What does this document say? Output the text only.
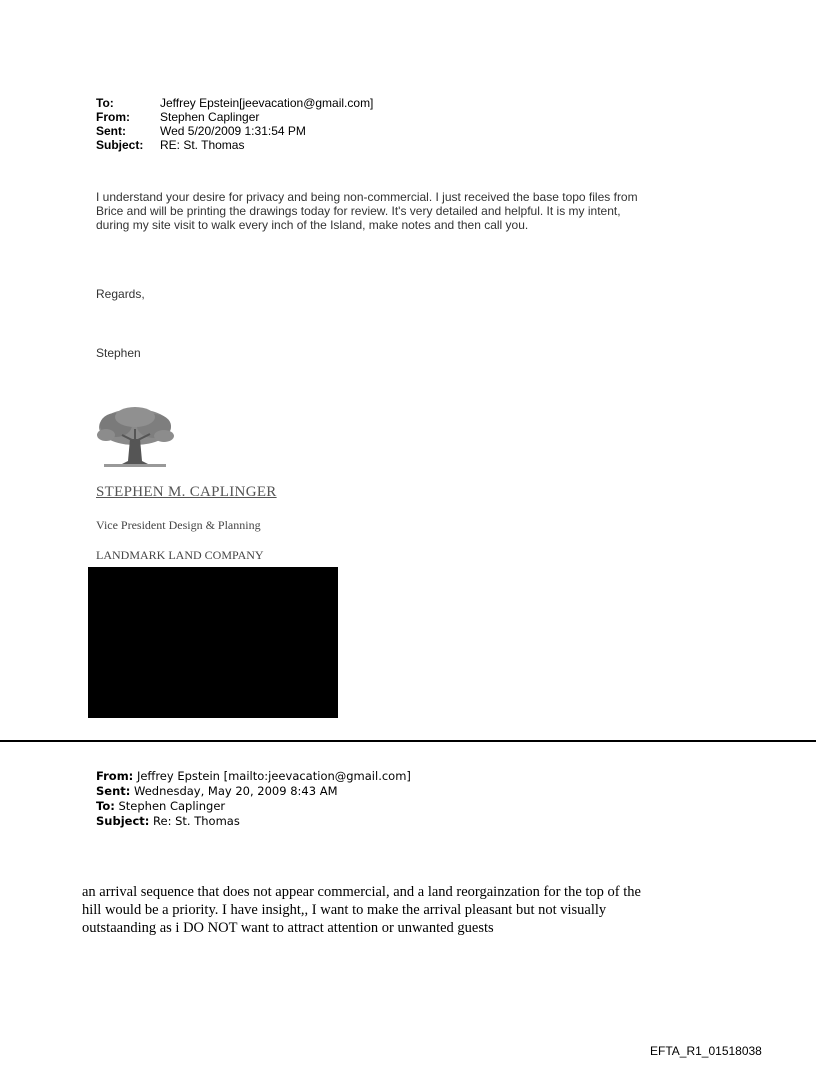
To:	Jeffrey Epstein[jeevacation@gmail.com]
From:	Stephen Caplinger
Sent:	Wed 5/20/2009 1:31:54 PM
Subject:	RE: St. Thomas

I understand your desire for privacy and being non-commercial. I just received the base topo files from

Brice and will be printing the drawings today for review. It's very detailed and helpful. It is my intent,

during my site visit to walk every inch of the Island, make notes and then call you.

Regards,
Stephen
STEPHEN M. CAPLINGER
Vice President Design & Planning
LANDMARK LAND COMPANY
From: Jeffrey Epstein [mailto:jeevacation@gmail.com]
Sent: Wednesday, May 20, 2009 8:43 AM
To: Stephen Caplinger
Subject: Re: St. Thomas

an arrival sequence that does not appear commercial, and a land reorgainzation for the top of the

hill would be a priority. I have insight,, I want to make the arrival pleasant but not visually

outstaanding as i DO NOT want to attract attention or unwanted guests

EFTA_R1_01518038
